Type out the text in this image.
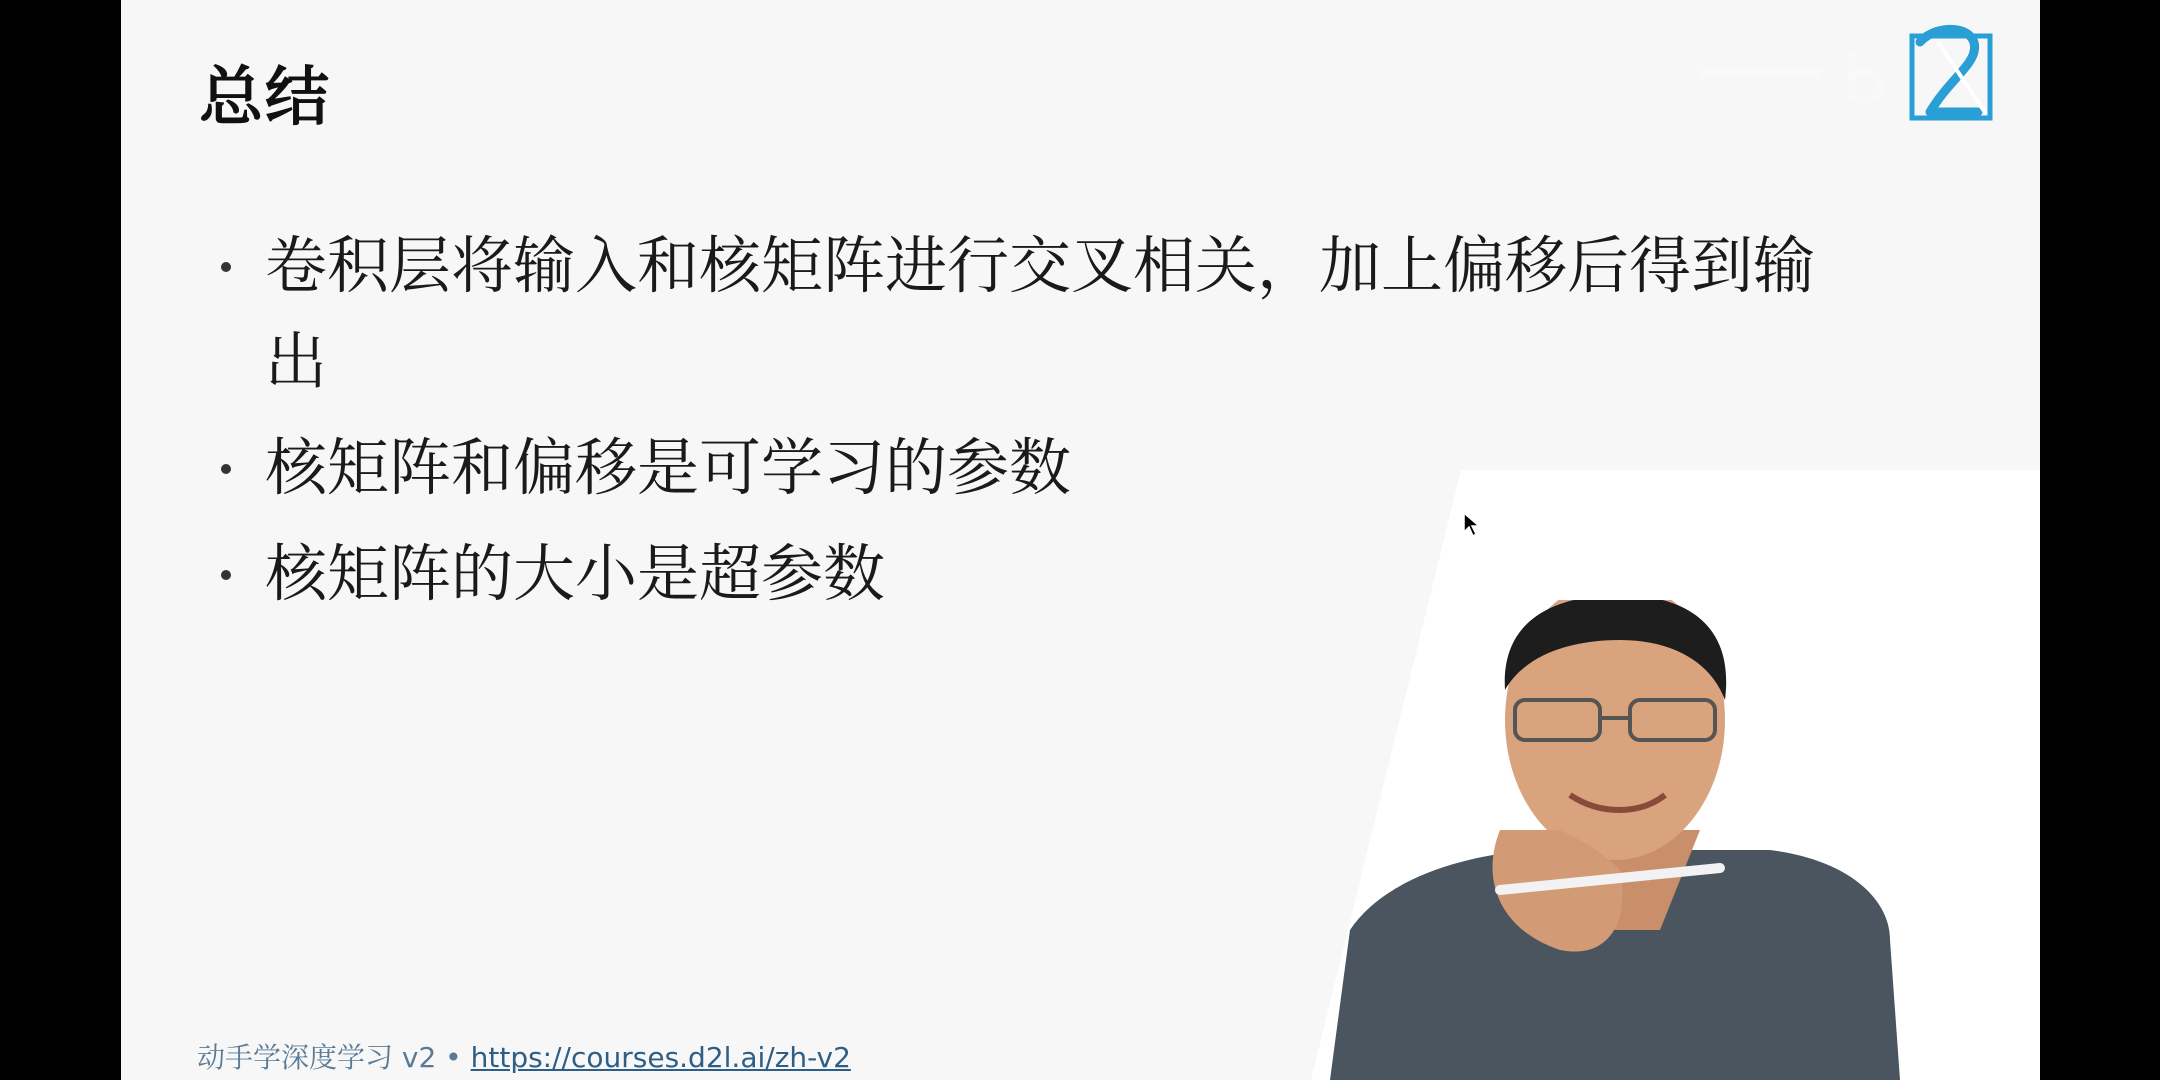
总结
卷积层将输入和核矩阵进行交叉相关，加上偏移后得到输出
核矩阵和偏移是可学习的参数
核矩阵的大小是超参数
动手学深度学习 v2 • https://courses.d2l.ai/zh-v2
